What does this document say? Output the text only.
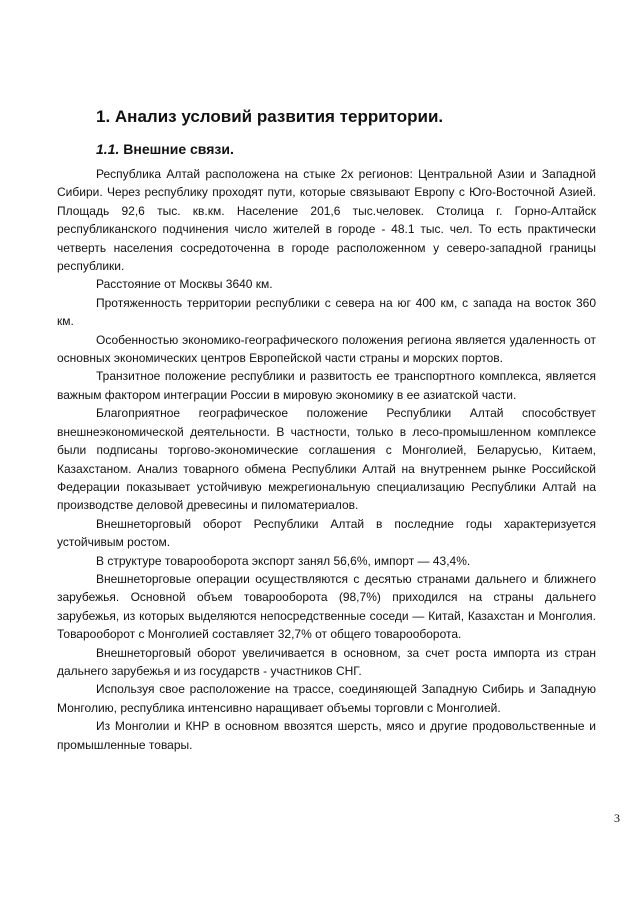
1. Анализ условий развития территории.
1.1. Внешние связи.

Республика Алтай расположена на стыке 2х регионов: Центральной Азии и Западной Сибири. Через республику проходят пути, которые связывают Европу с Юго-Восточной Азией. Площадь 92,6 тыс. кв.км. Население 201,6 тыс.человек. Столица г. Горно-Алтайск республиканского подчинения число жителей в городе - 48.1 тыс. чел. То есть практически четверть населения сосредоточенна в городе расположенном у северо-западной границы республики.

Расстояние от Москвы 3640 км.

Протяженность территории республики с севера на юг 400 км, с запада на восток 360 км.

Особенностью экономико-географического положения региона является удаленность от основных экономических центров Европейской части страны и морских портов.

Транзитное положение республики и развитость ее транспортного комплекса, является важным фактором интеграции России в мировую экономику в ее азиатской части.

Благоприятное географическое положение Республики Алтай способствует внешнеэкономической деятельности. В частности, только в лесо-промышленном комплексе были подписаны торгово-экономические соглашения с Монголией, Беларусью, Китаем, Казахстаном. Анализ товарного обмена Республики Алтай на внутреннем рынке Российской Федерации показывает устойчивую межрегиональную специализацию Республики Алтай на производстве деловой древесины и пиломатериалов.

Внешнеторговый оборот Республики Алтай в последние годы характеризуется устойчивым ростом.

В структуре товарооборота экспорт занял 56,6%, импорт — 43,4%.

Внешнеторговые операции осуществляются с десятью странами дальнего и ближнего зарубежья. Основной объем товарооборота (98,7%) приходился на страны дальнего зарубежья, из которых выделяются непосредственные соседи — Китай, Казахстан и Монголия. Товарооборот с Монголией составляет 32,7% от общего товарооборота.

Внешнеторговый оборот увеличивается в основном, за счет роста импорта из стран дальнего зарубежья и из государств - участников СНГ.

Используя свое расположение на трассе, соединяющей Западную Сибирь и Западную Монголию, республика интенсивно наращивает объемы торговли с Монголией.

Из Монголии и КНР в основном ввозятся шерсть, мясо и другие продовольственные и промышленные товары.

3
